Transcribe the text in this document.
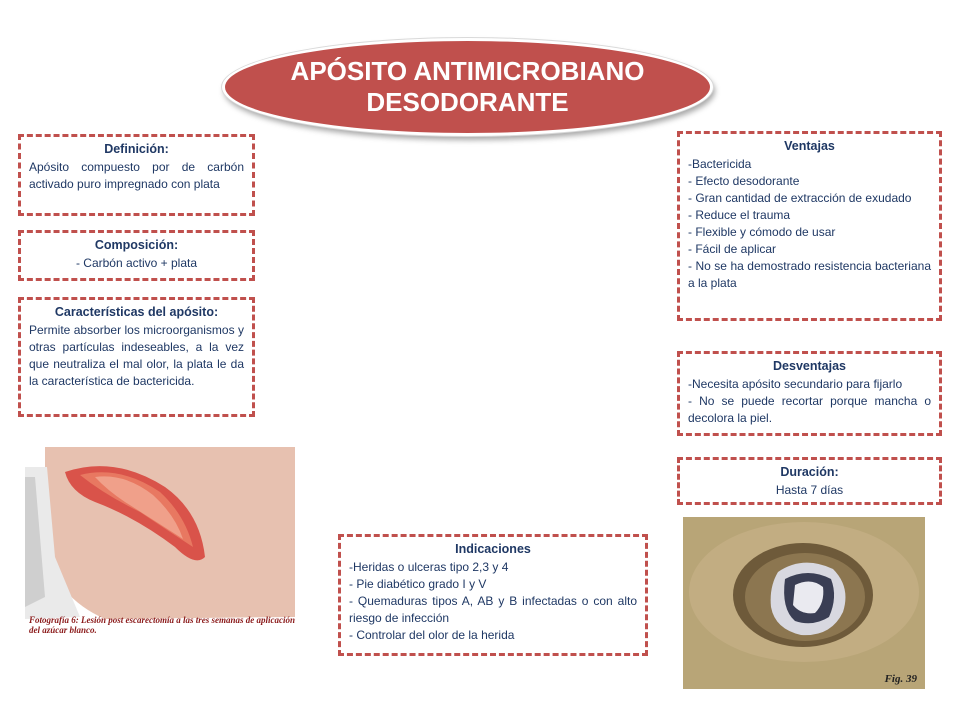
APÓSITO ANTIMICROBIANO
DESODORANTE
Definición:
Apósito compuesto por de carbón activado puro impregnado con plata
Composición:
- Carbón activo + plata
Características del apósito:
Permite absorber los microorganismos y otras partículas indeseables, a la vez que neutraliza el mal olor, la plata le da la característica de bactericida.
Ventajas
-Bactericida
- Efecto desodorante
- Gran cantidad de extracción de exudado
- Reduce el trauma
- Flexible y cómodo de usar
- Fácil de aplicar
- No se ha demostrado resistencia bacteriana a la plata
Desventajas
-Necesita apósito secundario para fijarlo
- No se puede recortar porque mancha o decolora la piel.
Duración:
Hasta 7 días
Indicaciones
-Heridas o ulceras tipo 2,3 y 4
- Pie diabético grado I y V
- Quemaduras tipos A, AB y B infectadas o con alto riesgo de infección
- Controlar del olor de la herida
Fotografía 6: Lesión post escarectomía a las tres semanas de aplicación del azúcar blanco.
Fig. 39
